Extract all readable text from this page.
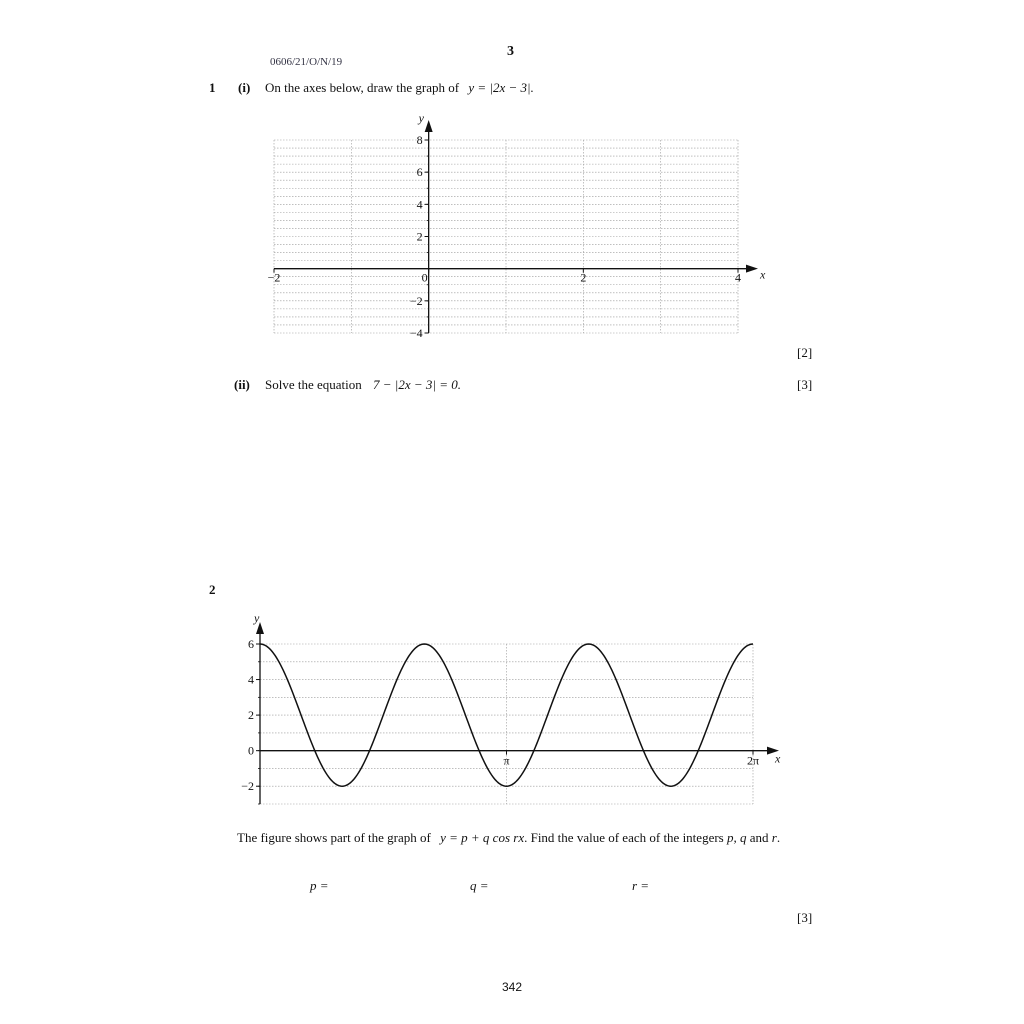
3
0606/21/O/N/19
1 (i) On the axes below, draw the graph of y = |2x − 3|.
8
6
4
2
−2
−4
−2	0	2	4 x
y
[2]
(ii) Solve the equation 7 − |2x − 3| = 0.	[3]
2
6
4
2
0
−2
π	2π x
y
The figure shows part of the graph of y = p + q cos rx. Find the value of each of the integers p, q and r.
p =	q =	r =
[3]
342
